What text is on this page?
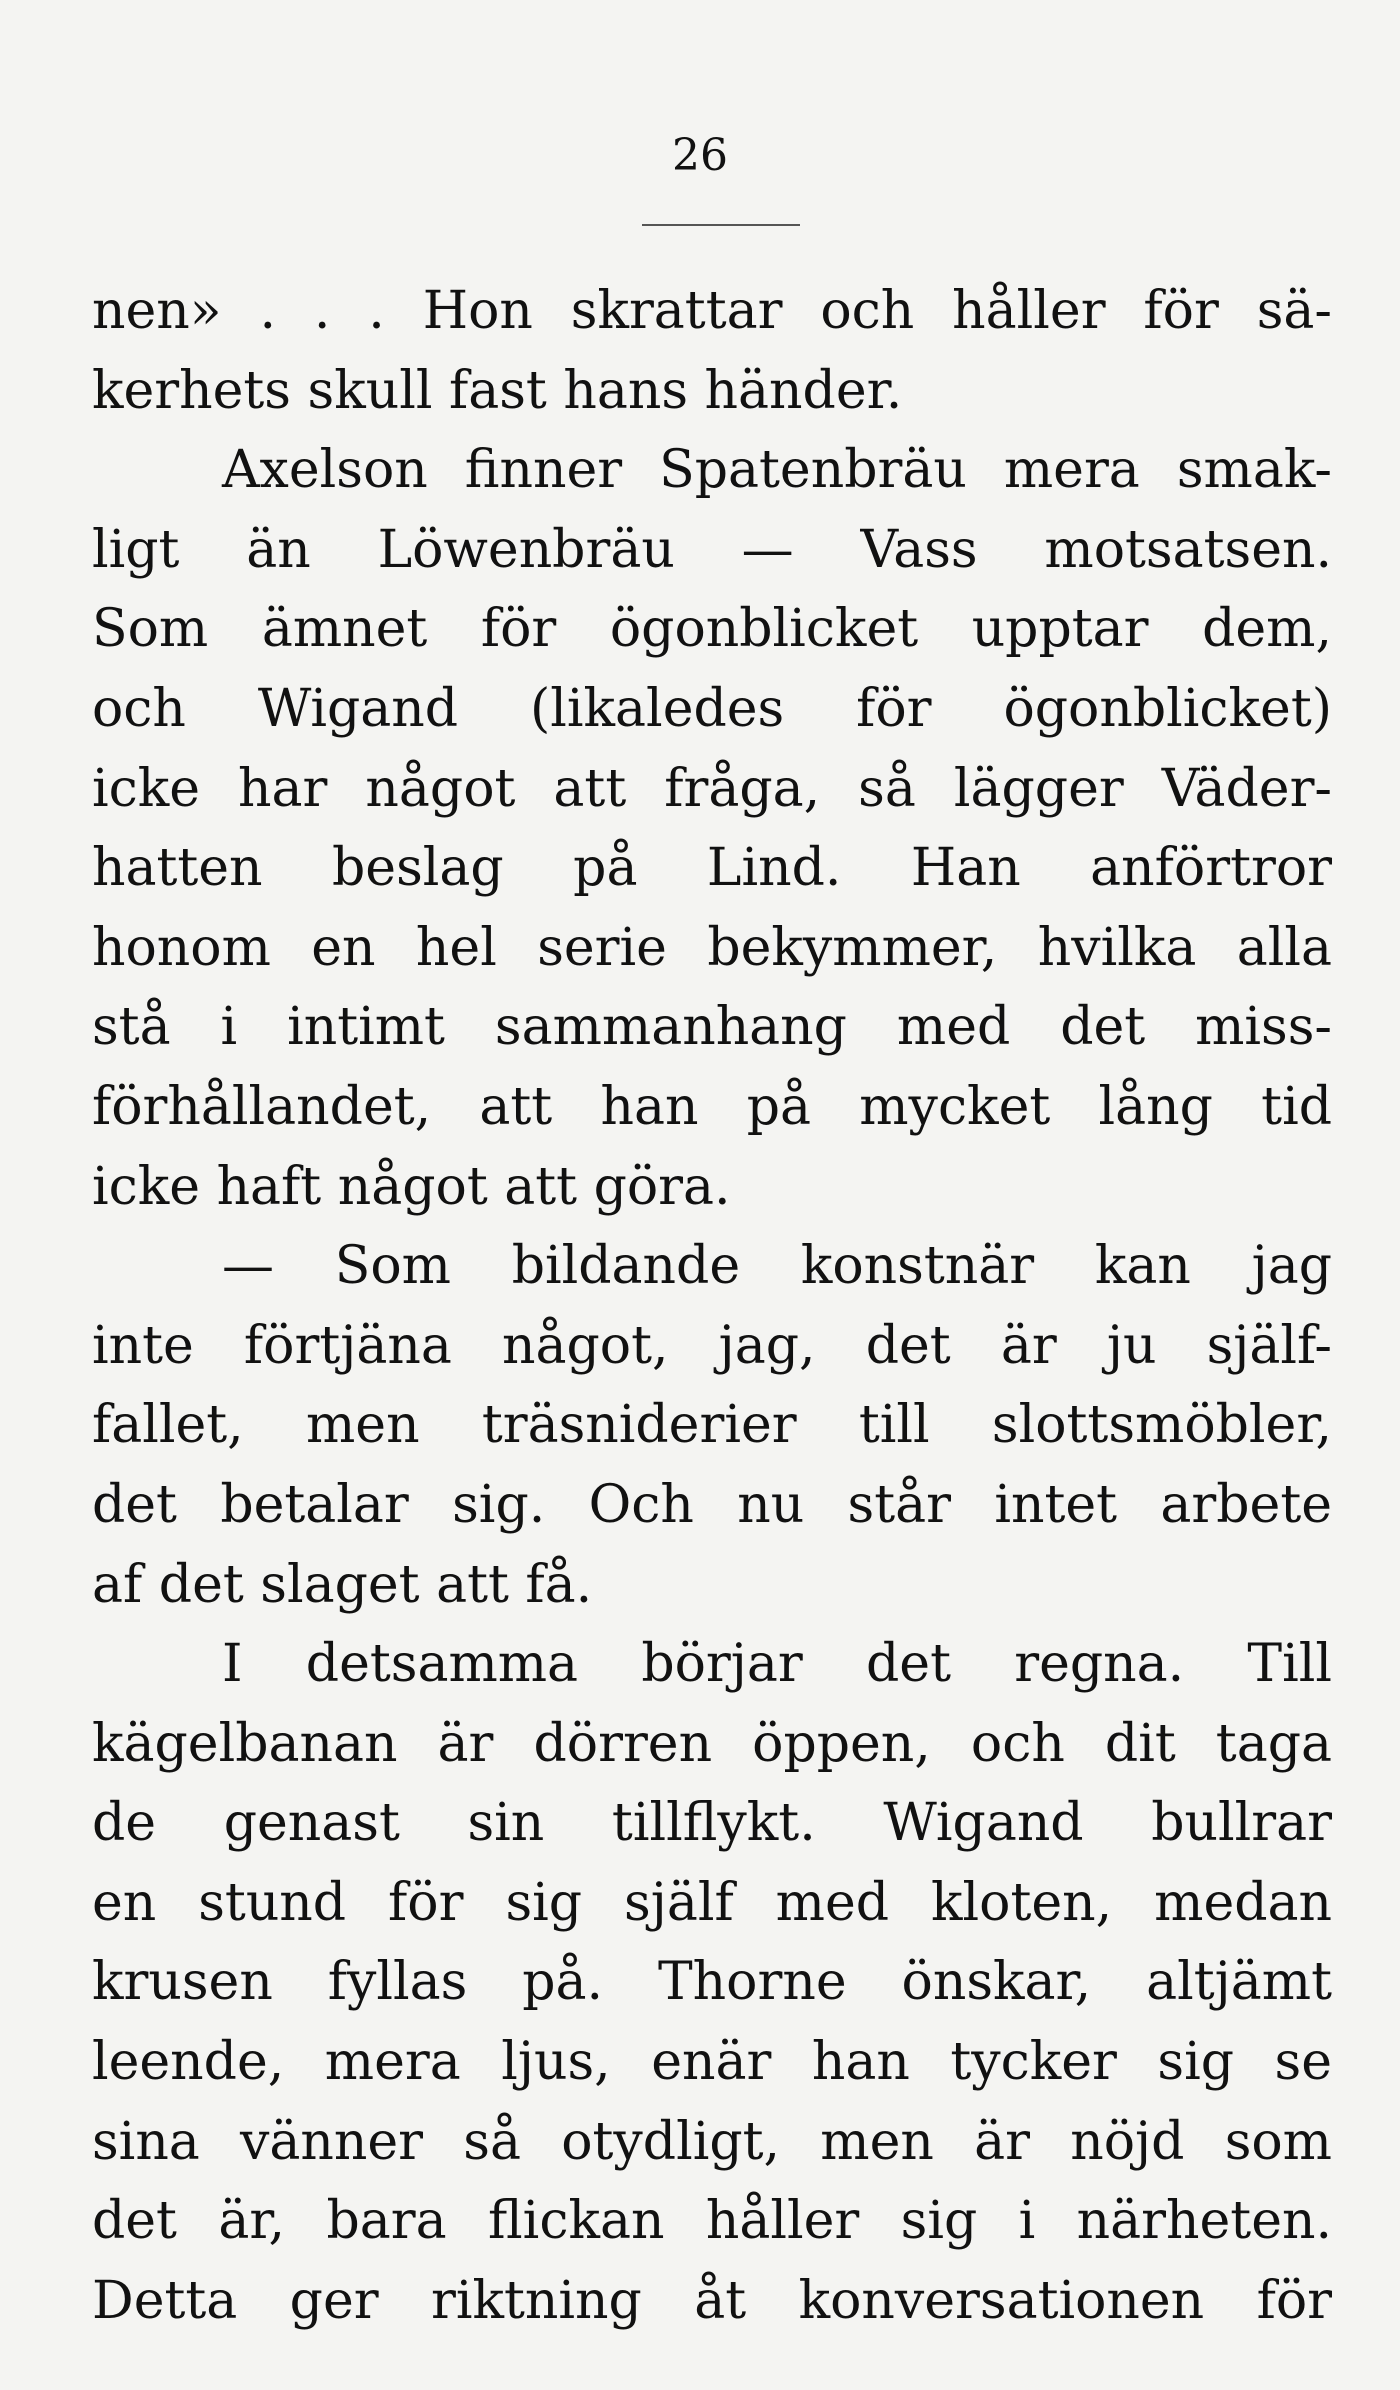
26
nen» . . . Hon skrattar och håller för sä-
kerhets skull fast hans händer.
Axelson finner Spatenbräu mera smak-
ligt än Löwenbräu — Vass motsatsen.
Som ämnet för ögonblicket upptar dem,
och Wigand (likaledes för ögonblicket)
icke har något att fråga, så lägger Väder-
hatten beslag på Lind. Han anförtror
honom en hel serie bekymmer, hvilka alla
stå i intimt sammanhang med det miss-
förhållandet, att han på mycket lång tid
icke haft något att göra.
— Som bildande konstnär kan jag
inte förtjäna något, jag, det är ju själf-
fallet, men träsniderier till slottsmöbler,
det betalar sig. Och nu står intet arbete
af det slaget att få.
I detsamma börjar det regna. Till
kägelbanan är dörren öppen, och dit taga
de genast sin tillflykt. Wigand bullrar
en stund för sig själf med kloten, medan
krusen fyllas på. Thorne önskar, altjämt
leende, mera ljus, enär han tycker sig se
sina vänner så otydligt, men är nöjd som
det är, bara flickan håller sig i närheten.
Detta ger riktning åt konversationen för
